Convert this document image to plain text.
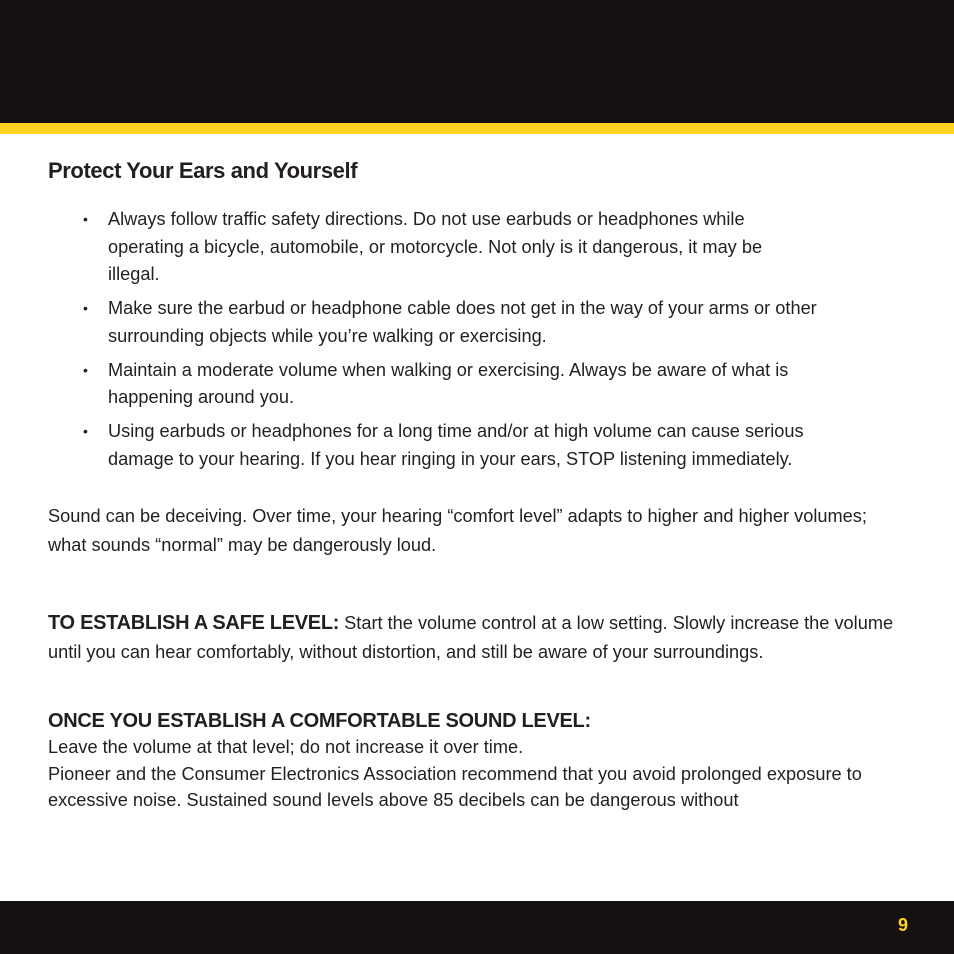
Protect Your Ears and Yourself
• Always follow traffic safety directions. Do not use earbuds or headphones while operating a bicycle, automobile, or motorcycle. Not only is it dangerous, it may be illegal.
• Make sure the earbud or headphone cable does not get in the way of your arms or other surrounding objects while you’re walking or exercising.
• Maintain a moderate volume when walking or exercising. Always be aware of what is happening around you.
• Using earbuds or headphones for a long time and/or at high volume can cause serious damage to your hearing. If you hear ringing in your ears, STOP listening immediately.

Sound can be deceiving. Over time, your hearing “comfort level” adapts to higher and higher volumes; what sounds “normal” may be dangerously loud.

TO ESTABLISH A SAFE LEVEL: Start the volume control at a low setting. Slowly increase the volume until you can hear comfortably, without distortion, and still be aware of your surroundings.

ONCE YOU ESTABLISH A COMFORTABLE SOUND LEVEL:

Leave the volume at that level; do not increase it over time.

Pioneer and the Consumer Electronics Association recommend that you avoid prolonged exposure to excessive noise. Sustained sound levels above 85 decibels can be dangerous without

9
